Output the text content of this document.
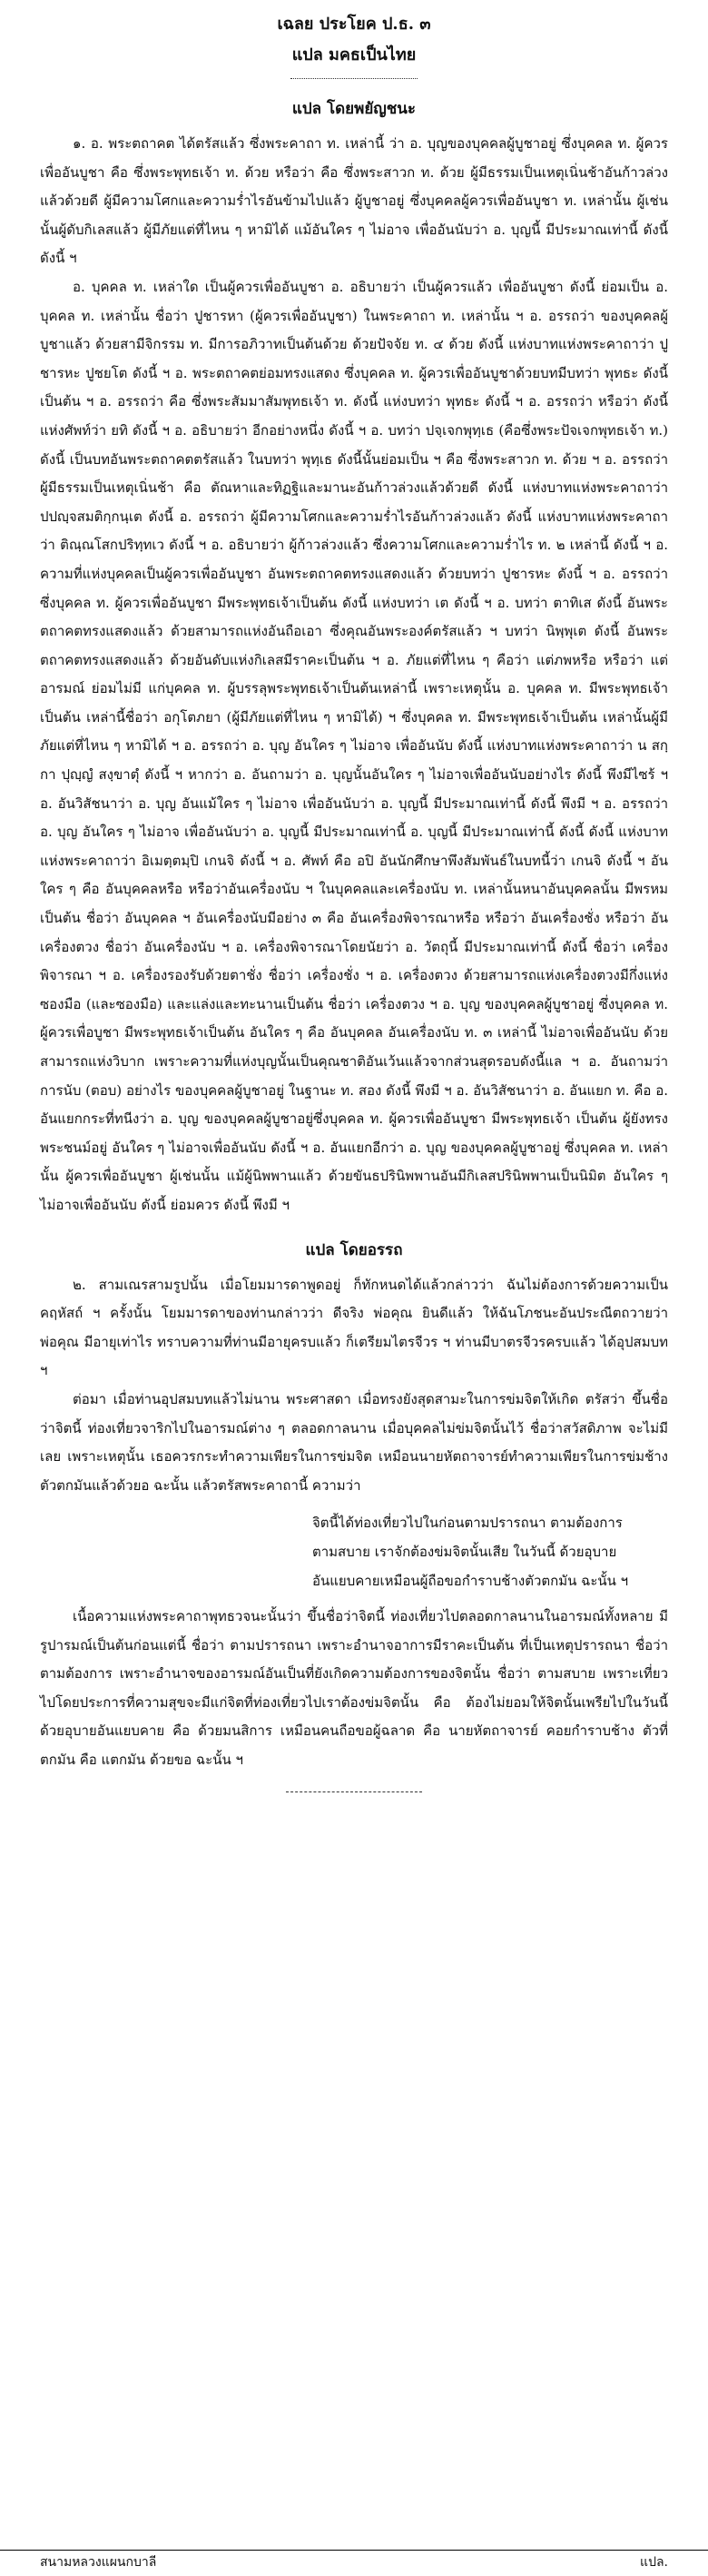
เฉลย ประโยค ป.ธ. ๓
แปล มคธเป็นไทย
แปล โดยพยัญชนะ

๑. อ. พระตถาคต ได้ตรัสแล้ว ซึ่งพระคาถา ท. เหล่านี้ ว่า อ. บุญของบุคคลผู้บูชาอยู่ ซึ่งบุคคล ท. ผู้ควรเพื่ออันบูชา คือ ซึ่งพระพุทธเจ้า ท. ด้วย หรือว่า คือ ซึ่งพระสาวก ท. ด้วย ผู้มีธรรมเป็นเหตุเนิ่นช้าอันก้าวล่วงแล้วด้วยดี ผู้มีความโศกและความร่ำไรอันข้ามไปแล้ว ผู้บูชาอยู่ ซึ่งบุคคลผู้ควรเพื่ออันบูชา ท. เหล่านั้น ผู้เช่นนั้นผู้ดับกิเลสแล้ว ผู้มีภัยแต่ที่ไหน ๆ หามิได้ แม้อันใคร ๆ ไม่อาจ เพื่ออันนับว่า อ. บุญนี้ มีประมาณเท่านี้ ดังนี้ ดังนี้ ฯ

อ. บุคคล ท. เหล่าใด เป็นผู้ควรเพื่ออันบูชา อ. อธิบายว่า เป็นผู้ควรแล้ว เพื่ออันบูชา ดังนี้ ย่อมเป็น อ. บุคคล ท. เหล่านั้น ชื่อว่า ปูชารหา (ผู้ควรเพื่ออันบูชา) ในพระคาถา ท. เหล่านั้น ฯ อ. อรรถว่า ของบุคคลผู้บูชาแล้ว ด้วยสามีจิกรรม ท. มีการอภิวาทเป็นต้นด้วย ด้วยปัจจัย ท. ๔ ด้วย ดังนี้ แห่งบาทแห่งพระคาถาว่า ปูชารหะ ปูชยโต ดังนี้ ฯ อ. พระตถาคตย่อมทรงแสดง ซึ่งบุคคล ท. ผู้ควรเพื่ออันบูชาด้วยบทมีบทว่า พุทธะ ดังนี้เป็นต้น ฯ อ. อรรถว่า คือ ซึ่งพระสัมมาสัมพุทธเจ้า ท. ดังนี้ แห่งบทว่า พุทธะ ดังนี้ ฯ อ. อรรถว่า หรือว่า ดังนี้ แห่งศัพท์ว่า ยทิ ดังนี้ ฯ อ. อธิบายว่า อีกอย่างหนึ่ง ดังนี้ ฯ อ. บทว่า ปจฺเจกพุทฺเธ (คือซึ่งพระปัจเจกพุทธเจ้า ท.) ดังนี้ เป็นบทอันพระตถาคตตรัสแล้ว ในบทว่า พุทฺเธ ดังนี้นั้นย่อมเป็น ฯ คือ ซึ่งพระสาวก ท. ด้วย ฯ อ. อรรถว่า ผู้มีธรรมเป็นเหตุเนิ่นช้า คือ ตัณหาและทิฏฐิและมานะอันก้าวล่วงแล้วด้วยดี ดังนี้ แห่งบาทแห่งพระคาถาว่า ปปญฺจสมติกฺกนฺเต ดังนี้ อ. อรรถว่า ผู้มีความโศกและความร่ำไรอันก้าวล่วงแล้ว ดังนี้ แห่งบาทแห่งพระคาถาว่า ติณฺณโสกปริทฺทเว ดังนี้ ฯ อ. อธิบายว่า ผู้ก้าวล่วงแล้ว ซึ่งความโศกและความร่ำไร ท. ๒ เหล่านี้ ดังนี้ ฯ อ. ความที่แห่งบุคคลเป็นผู้ควรเพื่ออันบูชา อันพระตถาคตทรงแสดงแล้ว ด้วยบทว่า ปูชารหะ ดังนี้ ฯ อ. อรรถว่า ซึ่งบุคคล ท. ผู้ควรเพื่ออันบูชา มีพระพุทธเจ้าเป็นต้น ดังนี้ แห่งบทว่า เต ดังนี้ ฯ อ. บทว่า ตาทิเส ดังนี้ อันพระตถาคตทรงแสดงแล้ว ด้วยสามารถแห่งอันถือเอา ซึ่งคุณอันพระองค์ตรัสแล้ว ฯ บทว่า นิพฺพุเต ดังนี้ อันพระตถาคตทรงแสดงแล้ว ด้วยอันดับแห่งกิเลสมีราคะเป็นต้น ฯ อ. ภัยแต่ที่ไหน ๆ คือว่า แต่ภพหรือ หรือว่า แต่อารมณ์ ย่อมไม่มี แก่บุคคล ท. ผู้บรรลุพระพุทธเจ้าเป็นต้นเหล่านี้ เพราะเหตุนั้น อ. บุคคล ท. มีพระพุทธเจ้าเป็นต้น เหล่านี้ชื่อว่า อกุโตภยา (ผู้มีภัยแต่ที่ไหน ๆ หามิได้) ฯ ซึ่งบุคคล ท. มีพระพุทธเจ้าเป็นต้น เหล่านั้นผู้มีภัยแต่ที่ไหน ๆ หามิได้ ฯ อ. อรรถว่า อ. บุญ อันใคร ๆ ไม่อาจ เพื่ออันนับ ดังนี้ แห่งบาทแห่งพระคาถาว่า น สกฺกา ปุญฺญํ สงฺขาตุํ ดังนี้ ฯ หากว่า อ. อันถามว่า อ. บุญนั้นอันใคร ๆ ไม่อาจเพื่ออันนับอย่างไร ดังนี้ พึงมีไซร้ ฯ อ. อันวิสัชนาว่า อ. บุญ อันแม้ใคร ๆ ไม่อาจ เพื่ออันนับว่า อ. บุญนี้ มีประมาณเท่านี้ ดังนี้ พึงมี ฯ อ. อรรถว่า อ. บุญ อันใคร ๆ ไม่อาจ เพื่ออันนับว่า อ. บุญนี้ มีประมาณเท่านี้ อ. บุญนี้ มีประมาณเท่านี้ ดังนี้ ดังนี้ แห่งบาทแห่งพระคาถาว่า อิเมตฺตมฺปิ เกนจิ ดังนี้ ฯ อ. ศัพท์ คือ อปิ อันนักศึกษาพึงสัมพันธ์ในบทนี้ว่า เกนจิ ดังนี้ ฯ อันใคร ๆ คือ อันบุคคลหรือ หรือว่าอันเครื่องนับ ฯ ในบุคคลและเครื่องนับ ท. เหล่านั้นหนาอันบุคคลนั้น มีพรหมเป็นต้น ชื่อว่า อันบุคคล ฯ อันเครื่องนับมีอย่าง ๓ คือ อันเครื่องพิจารณาหรือ หรือว่า อันเครื่องชั่ง หรือว่า อันเครื่องตวง ชื่อว่า อันเครื่องนับ ฯ อ. เครื่องพิจารณาโดยนัยว่า อ. วัตถุนี้ มีประมาณเท่านี้ ดังนี้ ชื่อว่า เครื่องพิจารณา ฯ อ. เครื่องรองรับด้วยตาชั่ง ชื่อว่า เครื่องชั่ง ฯ อ. เครื่องตวง ด้วยสามารถแห่งเครื่องตวงมีกึ่งแห่งซองมือ (และซองมือ) และแล่งและทะนานเป็นต้น ชื่อว่า เครื่องตวง ฯ อ. บุญ ของบุคคลผู้บูชาอยู่ ซึ่งบุคคล ท. ผู้ควรเพื่อบูชา มีพระพุทธเจ้าเป็นต้น อันใคร ๆ คือ อันบุคคล อันเครื่องนับ ท. ๓ เหล่านี้ ไม่อาจเพื่ออันนับ ด้วยสามารถแห่งวิบาก เพราะความที่แห่งบุญนั้นเป็นคุณชาติอันเว้นแล้วจากส่วนสุดรอบดังนี้แล ฯ อ. อันถามว่า การนับ (ตอบ) อย่างไร ของบุคคลผู้บูชาอยู่ ในฐานะ ท. สอง ดังนี้ พึงมี ฯ อ. อันวิสัชนาว่า อ. อันแยก ท. คือ อ. อันแยกกระที่ทนีงว่า อ. บุญ ของบุคคลผู้บูชาอยู่ซึ่งบุคคล ท. ผู้ควรเพื่ออันบูชา มีพระพุทธเจ้า เป็นต้น ผู้ยังทรงพระชนม์อยู่ อันใคร ๆ ไม่อาจเพื่ออันนับ ดังนี้ ฯ อ. อันแยกอีกว่า อ. บุญ ของบุคคลผู้บูชาอยู่ ซึ่งบุคคล ท. เหล่านั้น ผู้ควรเพื่ออันบูชา ผู้เช่นนั้น แม้ผู้นิพพานแล้ว ด้วยขันธปรินิพพานอันมีกิเลสปรินิพพานเป็นนิมิต อันใคร ๆ ไม่อาจเพื่ออันนับ ดังนี้ ย่อมควร ดังนี้ พึงมี ฯ

แปล โดยอรรถ

๒. สามเณรสามรูปนั้น เมื่อโยมมารดาพูดอยู่ ก็ทักหนดได้แล้วกล่าวว่า ฉันไม่ต้องการด้วยความเป็นคฤหัสถ์ ฯ ครั้งนั้น โยมมารดาของท่านกล่าวว่า ดีจริง พ่อคุณ ยินดีแล้ว ให้ฉันโภชนะอันประณีตถวายว่า พ่อคุณ มีอายุเท่าไร ทราบความที่ท่านมีอายุครบแล้ว ก็เตรียมไตรจีวร ฯ ท่านมีบาตรจีวรครบแล้ว ได้อุปสมบท ฯ

ต่อมา เมื่อท่านอุปสมบทแล้วไม่นาน พระศาสดา เมื่อทรงยังสุดสามะในการข่มจิตให้เกิด ตรัสว่า ขึ้นชื่อว่าจิตนี้ ท่องเที่ยวจาริกไปในอารมณ์ต่าง ๆ ตลอดกาลนาน เมื่อบุคคลไม่ข่มจิตนั้นไว้ ชื่อว่าสวัสดิภาพ จะไม่มีเลย เพราะเหตุนั้น เธอควรกระทำความเพียรในการข่มจิต เหมือนนายหัตถาจารย์ทำความเพียรในการข่มช้างตัวตกมันแล้วด้วยอ ฉะนั้น แล้วตรัสพระคาถานี้ ความว่า

จิตนี้ได้ท่องเที่ยวไปในก่อนตามปรารถนา ตามต้องการ
ตามสบาย เราจักต้องข่มจิตนั้นเสีย ในวันนี้ ด้วยอุบาย
อันแยบคายเหมือนผู้ถือขอกำราบช้างตัวตกมัน ฉะนั้น ฯ

เนื้อความแห่งพระคาถาพุทธวจนะนั้นว่า ขึ้นชื่อว่าจิตนี้ ท่องเที่ยวไปตลอดกาลนานในอารมณ์ทั้งหลาย มีรูปารมณ์เป็นต้นก่อนแต่นี้ ชื่อว่า ตามปรารถนา เพราะอำนาจอาการมีราคะเป็นต้น ที่เป็นเหตุปรารถนา ชื่อว่า ตามต้องการ เพราะอำนาจของอารมณ์อันเป็นที่ยังเกิดความต้องการของจิตนั้น ชื่อว่า ตามสบาย เพราะเที่ยวไปโดยประการที่ความสุขจะมีแก่จิตที่ท่องเที่ยวไปเราต้องข่มจิตนั้น คือ ต้องไม่ยอมให้จิตนั้นเพรียไปในวันนี้ ด้วยอุบายอันแยบคาย คือ ด้วยมนสิการ เหมือนคนถือขอผู้ฉลาด คือ นายหัตถาจารย์ คอยกำราบช้าง ตัวที่ตกมัน คือ แตกมัน ด้วยขอ ฉะนั้น ฯ

สนามหลวงแผนกบาลี	แปล.
